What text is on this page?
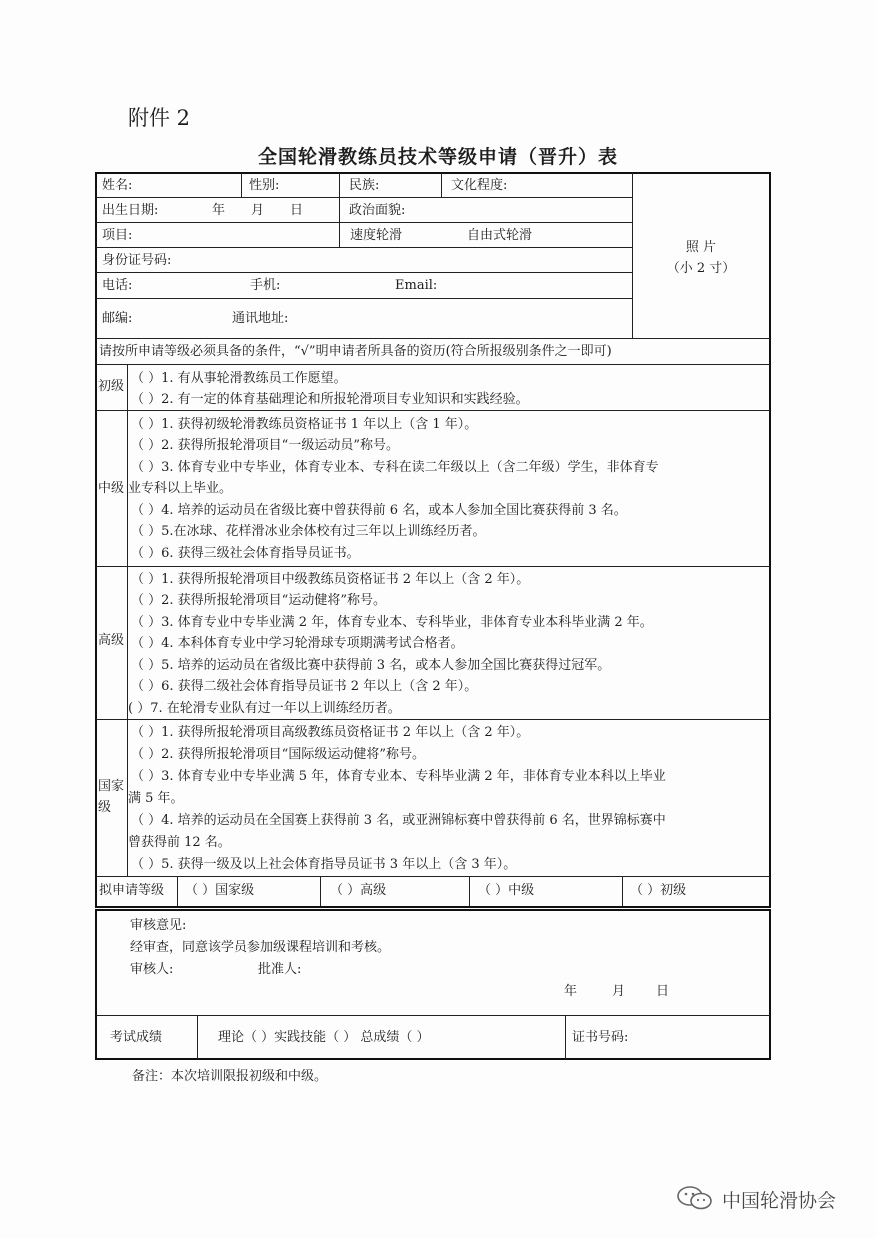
附件 2
全国轮滑教练员技术等级申请（晋升）表
姓名:	性别:	民族:	文化程度:
出生日期:	年 月 日	政治面貌:
项目:	速度轮滑	自由式轮滑
身份证号码:
电话:	手机:	Email:
邮编:	通讯地址:
照 片
（小 2 寸）
请按所申请等级必须具备的条件，“√”明申请者所具备的资历(符合所报级别条件之一即可)
初级
（ ）1. 有从事轮滑教练员工作愿望。
（ ）2. 有一定的体育基础理论和所报轮滑项目专业知识和实践经验。
中级
（ ）1. 获得初级轮滑教练员资格证书 1 年以上（含 1 年）。
（ ）2. 获得所报轮滑项目“一级运动员”称号。
（ ）3. 体育专业中专毕业，体育专业本、专科在读二年级以上（含二年级）学生，非体育专
业专科以上毕业。
（ ）4. 培养的运动员在省级比赛中曾获得前 6 名，或本人参加全国比赛获得前 3 名。
（ ）5.在冰球、花样滑冰业余体校有过三年以上训练经历者。
（ ）6. 获得三级社会体育指导员证书。
高级
（ ）1. 获得所报轮滑项目中级教练员资格证书 2 年以上（含 2 年）。
（ ）2. 获得所报轮滑项目“运动健将”称号。
（ ）3. 体育专业中专毕业满 2 年，体育专业本、专科毕业，非体育专业本科毕业满 2 年。
（ ）4. 本科体育专业中学习轮滑球专项期满考试合格者。
（ ）5. 培养的运动员在省级比赛中获得前 3 名，或本人参加全国比赛获得过冠军。
（ ）6. 获得二级社会体育指导员证书 2 年以上（含 2 年）。
( ）7. 在轮滑专业队有过一年以上训练经历者。
国家
级
（ ）1. 获得所报轮滑项目高级教练员资格证书 2 年以上（含 2 年）。
（ ）2. 获得所报轮滑项目“国际级运动健将”称号。
（ ）3. 体育专业中专毕业满 5 年，体育专业本、专科毕业满 2 年，非体育专业本科以上毕业
满 5 年。
（ ）4. 培养的运动员在全国赛上获得前 3 名，或亚洲锦标赛中曾获得前 6 名，世界锦标赛中
曾获得前 12 名。
（ ）5. 获得一级及以上社会体育指导员证书 3 年以上（含 3 年）。
拟申请等级 （ ）国家级	（ ）高级	（ ）中级	（ ）初级
审核意见:
经审查，同意该学员参加级课程培训和考核。
审核人:	批准人:
年	月 日
考试成绩	理论（ ）实践技能（ ） 总成绩（ ）	证书号码:
备注：本次培训限报初级和中级。
中国轮滑协会
